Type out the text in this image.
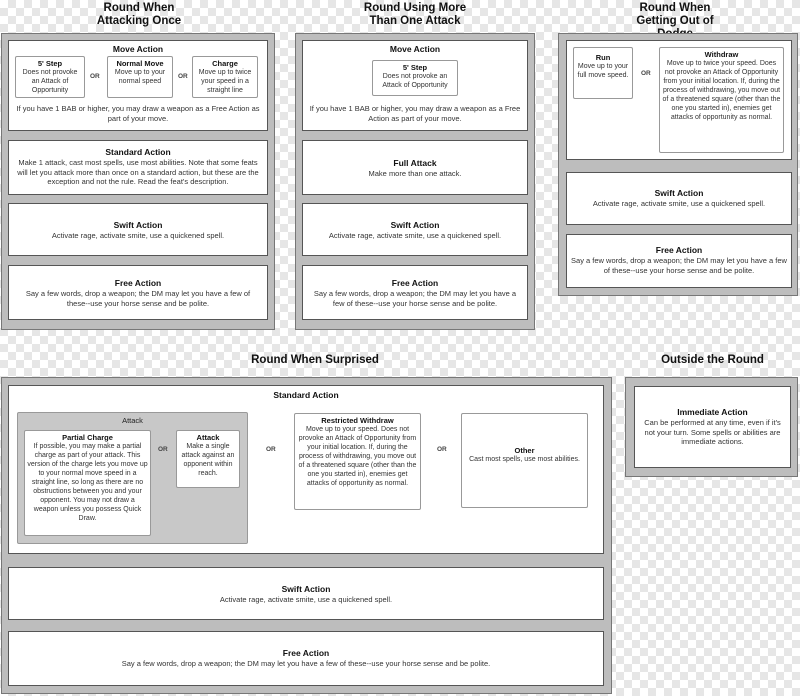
Round When Attacking Once
Round Using More Than One Attack
Round When Getting Out of
Round When Surprised	Outside the Round
Move Action
5' Step
Does not provoke an Attack of Opportunity
OR
Normal Move
Move up to your normal speed
OR
Charge
Move up to twice your speed in a straight line
If you have 1 BAB or higher, you may draw a weapon as a Free Action as part of your move.
Standard Action
Make 1 attack, cast most spells, use most abilities. Note that some feats will let you attack more than once on a standard action, but these are the exception and not the rule. Read the feat's description.
Swift Action
Activate rage, activate smite, use a quickened spell.
Free Action
Say a few words, drop a weapon; the DM may let you have a few of these--use your horse sense and be polite.
Move Action
5' Step
Does not provoke an Attack of Opportunity
If you have 1 BAB or higher, you may draw a weapon as a Free Action as part of your move.
Full Attack
Make more than one attack.
Swift Action
Activate rage, activate smite, use a quickened spell.
Free Action
Say a few words, drop a weapon; the DM may let you have a few of these--use your horse sense and be polite.
Run
Move up to your full move speed.	OR
Withdraw
Move up to twice your speed. Does not provoke an Attack of Opportunity from your initial location. If, during the process of withdrawing, you move out of a threatened square (other than the one you started in), enemies get attacks of opportunity as normal.
Swift Action
Activate rage, activate smite, use a quickened spell.
Free Action
Say a few words, drop a weapon; the DM may let you have a few of these--use your horse sense and be polite.
Standard Action
Attack
Partial Charge
If possible, you may make a partial charge as part of your attack. This version of the charge lets you move up to your normal move speed in a straight line, so long as there are no obstructions between you and your opponent. You may not draw a weapon unless you possess Quick Draw.
OR
Attack
Make a single attack against an opponent within reach.
OR
Restricted Withdraw
Move up to your speed. Does not provoke an Attack of Opportunity from your initial location. If, during the process of withdrawing, you move out of a threatened square (other than the one you started in), enemies get attacks of opportunity as normal.
OR	Other
Cast most spells, use most abilities.
Swift Action
Activate rage, activate smite, use a quickened spell.
Free Action
Say a few words, drop a weapon; the DM may let you have a few of these--use your horse sense and be polite.
Immediate Action
Can be performed at any time, even if it's not your turn. Some spells or abilities are immediate actions.
